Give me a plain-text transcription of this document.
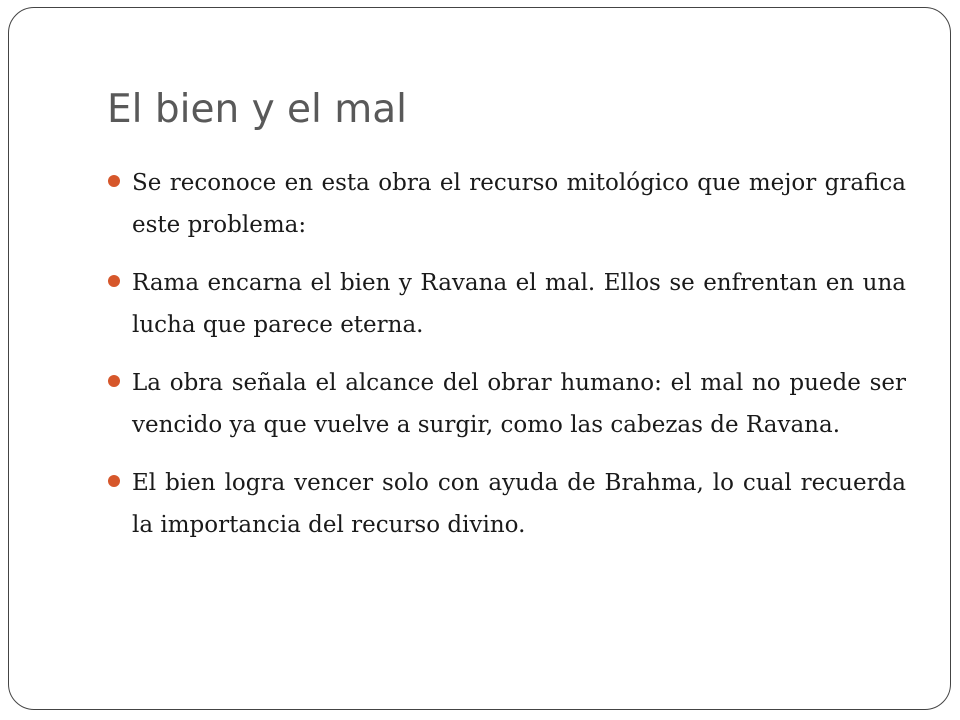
El bien y el mal
Se reconoce en esta obra el recurso mitológico que mejor grafica este problema:
Rama encarna el bien y Ravana el mal. Ellos se enfrentan en una lucha que parece eterna.
La obra señala el alcance del obrar humano: el mal no puede ser vencido ya que vuelve a surgir, como las cabezas de Ravana.
El bien logra vencer solo con ayuda de Brahma, lo cual recuerda la importancia del recurso divino.
